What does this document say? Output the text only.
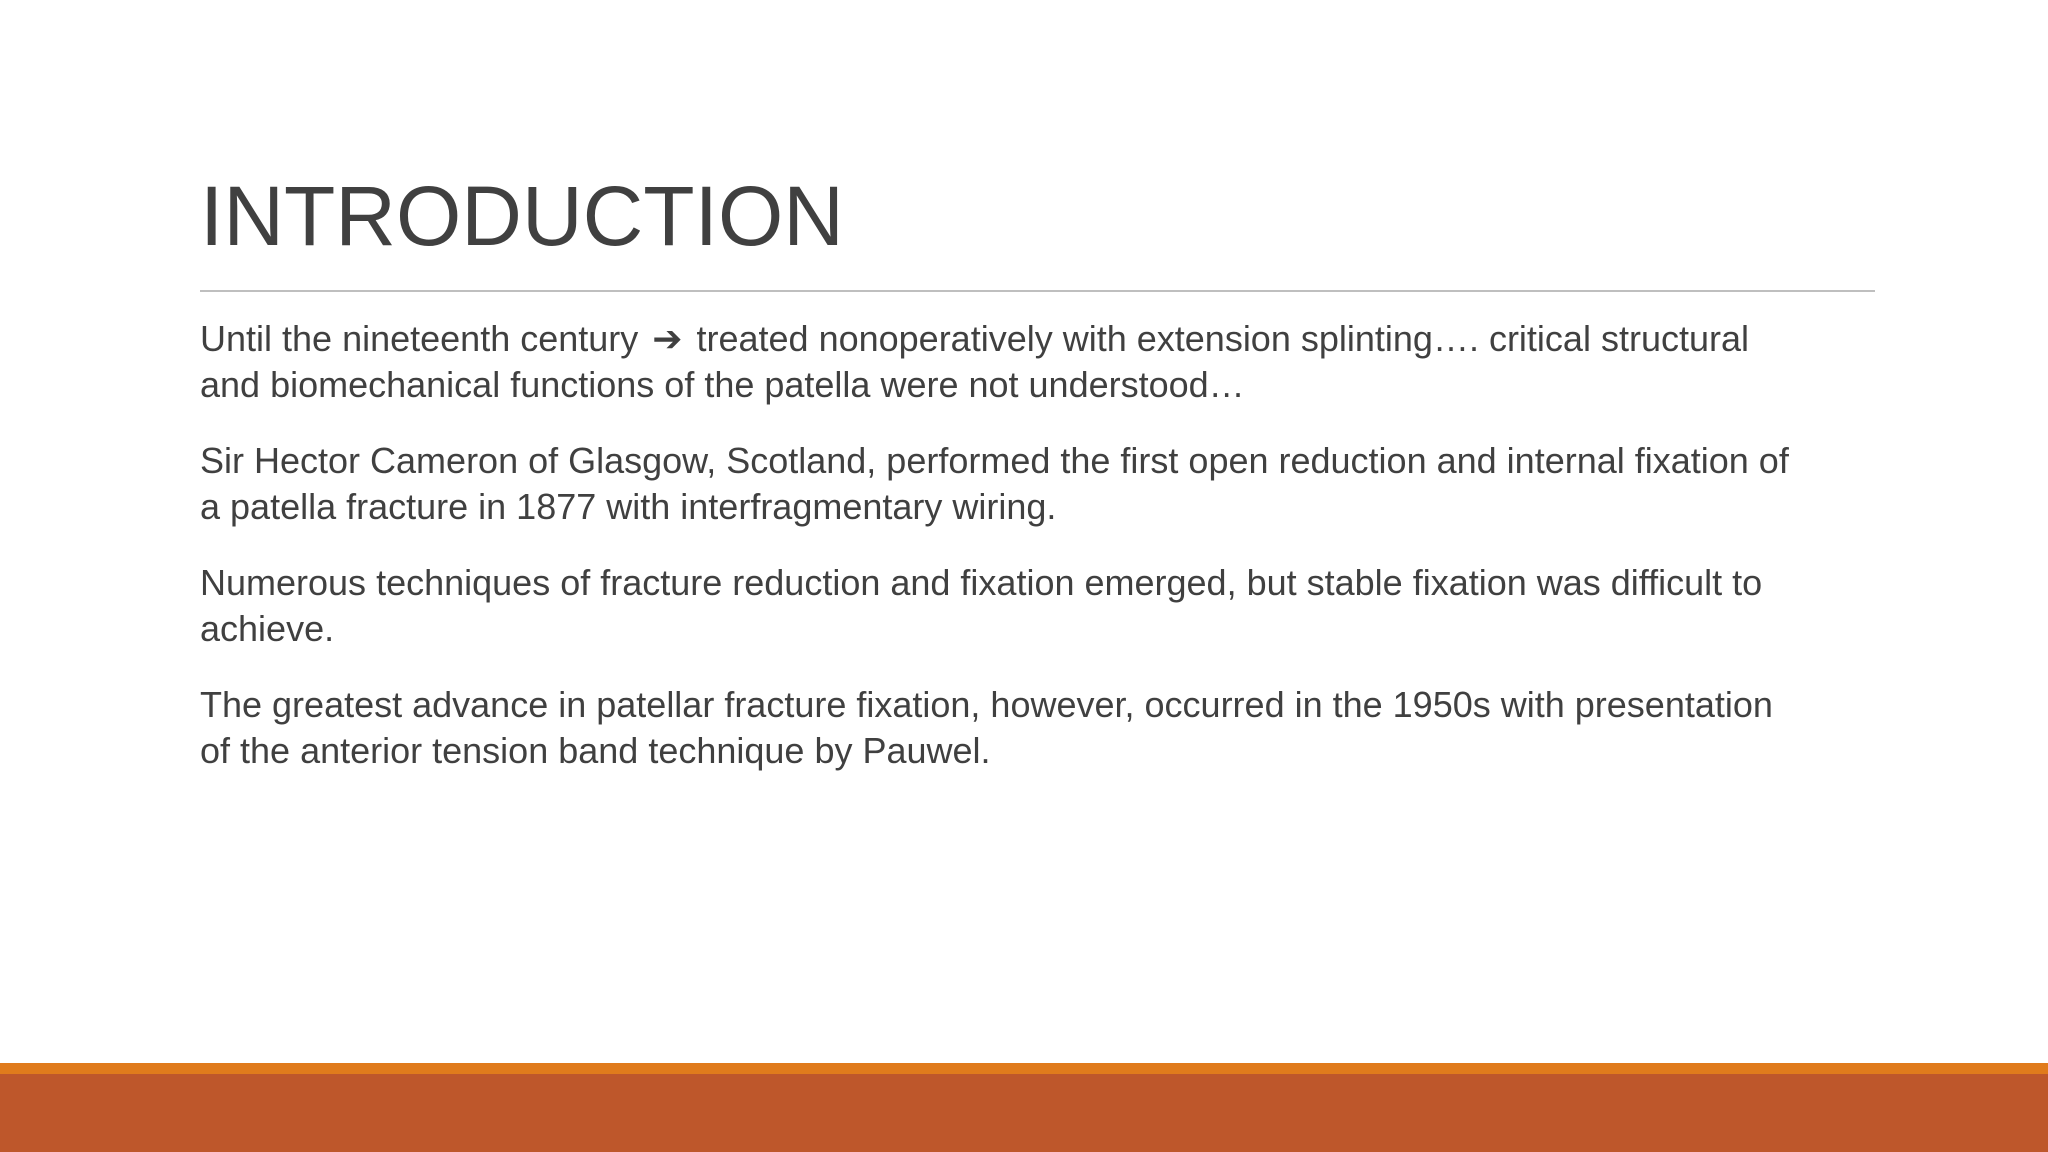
INTRODUCTION

Until the nineteenth century ➔ treated nonoperatively with extension splinting…. critical structural and biomechanical functions of the patella were not understood…

Sir Hector Cameron of Glasgow, Scotland, performed the first open reduction and internal fixation of a patella fracture in 1877 with interfragmentary wiring.

Numerous techniques of fracture reduction and fixation emerged, but stable fixation was difficult to achieve.

The greatest advance in patellar fracture fixation, however, occurred in the 1950s with presentation of the anterior tension band technique by Pauwel.
